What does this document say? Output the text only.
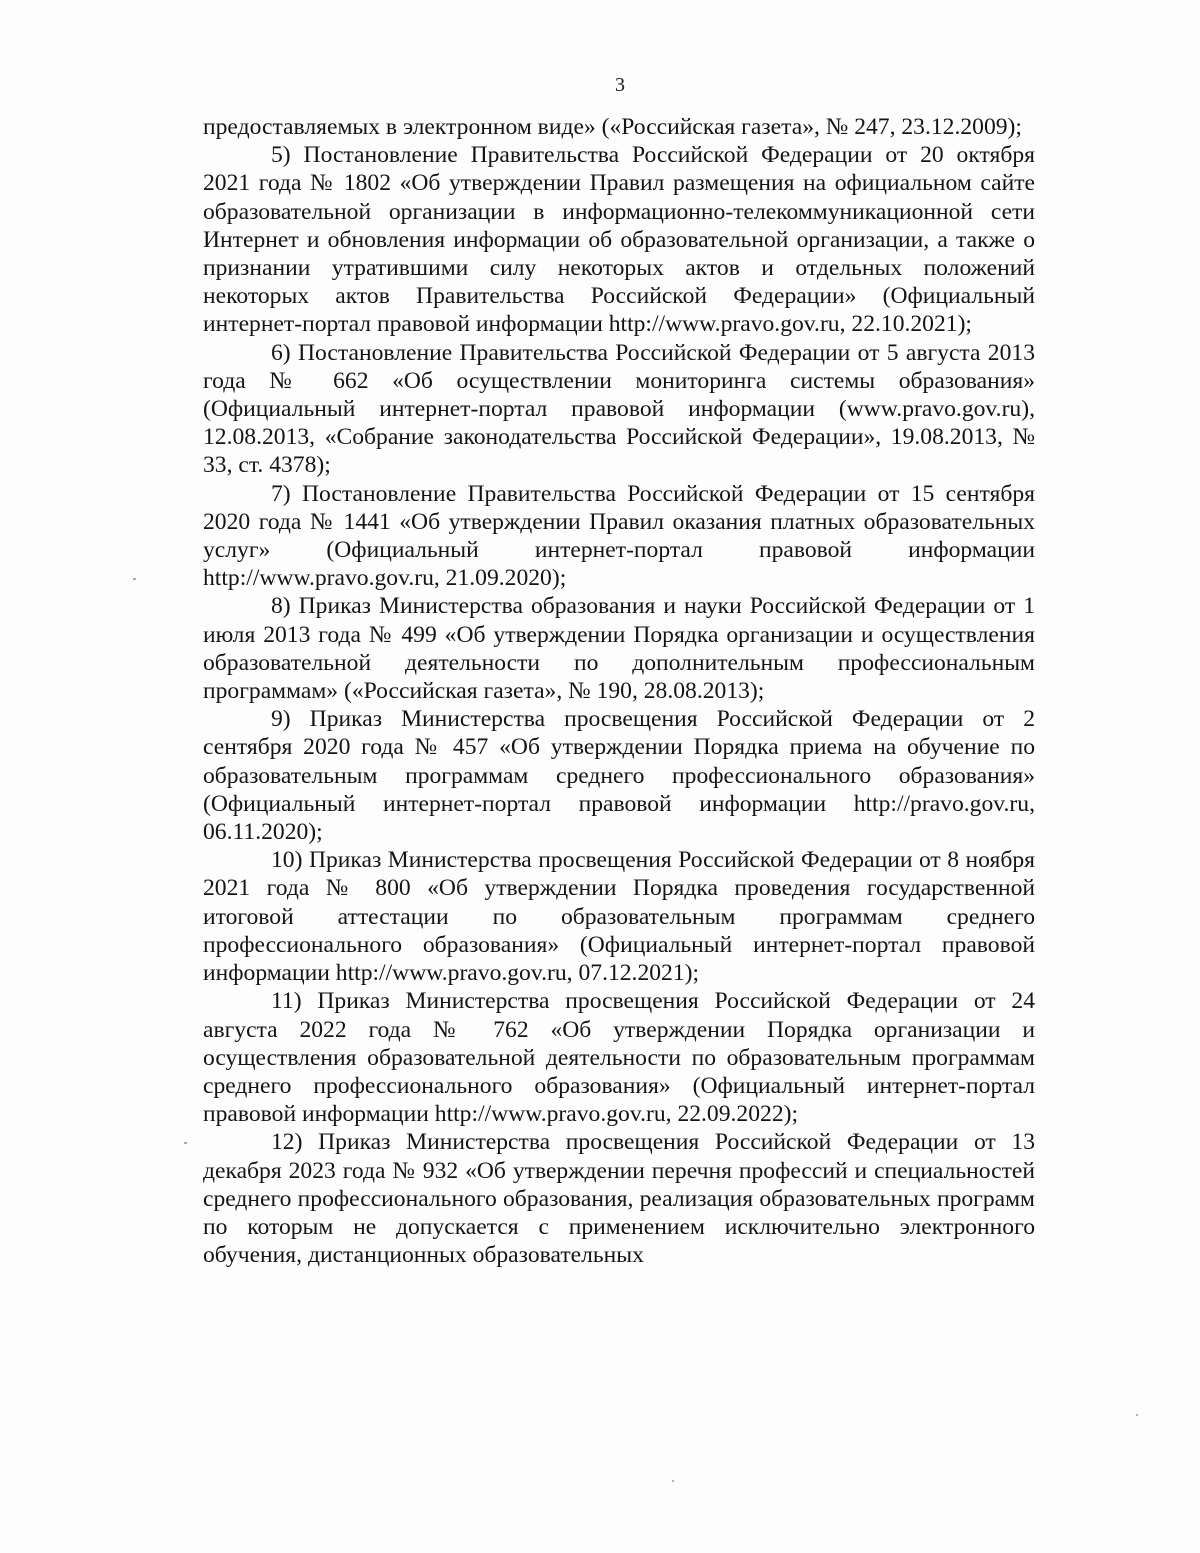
3

предоставляемых в электронном виде» («Российская газета», № 247, 23.12.2009);

5) Постановление Правительства Российской Федерации от 20 октября 2021 года № 1802 «Об утверждении Правил размещения на официальном сайте образовательной организации в информационно-телекоммуникационной сети Интернет и обновления информации об образовательной организации, а также о признании утратившими силу некоторых актов и отдельных положений некоторых актов Правительства Российской Федерации» (Официальный интернет-портал правовой информации http://www.pravo.gov.ru, 22.10.2021);

6) Постановление Правительства Российской Федерации от 5 августа 2013 года № 662 «Об осуществлении мониторинга системы образования» (Официальный интернет-портал правовой информации (www.pravo.gov.ru), 12.08.2013, «Собрание законодательства Российской Федерации», 19.08.2013, № 33, ст. 4378);

7) Постановление Правительства Российской Федерации от 15 сентября 2020 года № 1441 «Об утверждении Правил оказания платных образовательных услуг» (Официальный интернет-портал правовой информации http://www.pravo.gov.ru, 21.09.2020);

8) Приказ Министерства образования и науки Российской Федерации от 1 июля 2013 года № 499 «Об утверждении Порядка организации и осуществления образовательной деятельности по дополнительным профессиональным программам» («Российская газета», № 190, 28.08.2013);

9) Приказ Министерства просвещения Российской Федерации от 2 сентября 2020 года № 457 «Об утверждении Порядка приема на обучение по образовательным программам среднего профессионального образования» (Официальный интернет-портал правовой информации http://pravo.gov.ru, 06.11.2020);

10) Приказ Министерства просвещения Российской Федерации от 8 ноября 2021 года № 800 «Об утверждении Порядка проведения государственной итоговой аттестации по образовательным программам среднего профессионального образования» (Официальный интернет-портал правовой информации http://www.pravo.gov.ru, 07.12.2021);

11) Приказ Министерства просвещения Российской Федерации от 24 августа 2022 года № 762 «Об утверждении Порядка организации и осуществления образовательной деятельности по образовательным программам среднего профессионального образования» (Официальный интернет-портал правовой информации http://www.pravo.gov.ru, 22.09.2022);

12) Приказ Министерства просвещения Российской Федерации от 13 декабря 2023 года № 932 «Об утверждении перечня профессий и специальностей среднего профессионального образования, реализация образовательных программ по которым не допускается с применением исключительно электронного обучения, дистанционных образовательных
